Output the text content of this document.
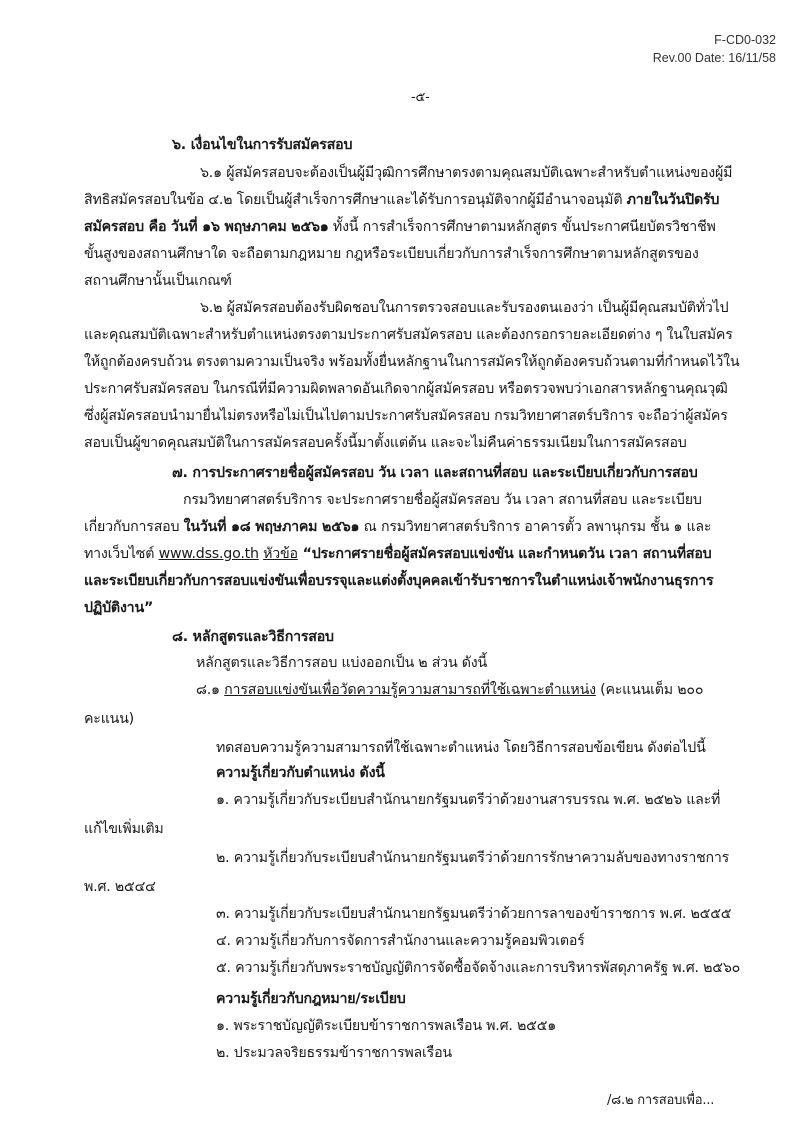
F-CD0-032
Rev.00 Date: 16/11/58
-๕-
๖. เงื่อนไขในการรับสมัครสอบ
๖.๑ ผู้สมัครสอบจะต้องเป็นผู้มีวุฒิการศึกษาตรงตามคุณสมบัติเฉพาะสำหรับตำแหน่งของผู้มี
สิทธิสมัครสอบในข้อ ๔.๒ โดยเป็นผู้สำเร็จการศึกษาและได้รับการอนุมัติจากผู้มีอำนาจอนุมัติ ภายในวันปิดรับ
สมัครสอบ คือ วันที่ ๑๖ พฤษภาคม ๒๕๖๑ ทั้งนี้ การสำเร็จการศึกษาตามหลักสูตร ขั้นประกาศนียบัตรวิชาชีพ
ขั้นสูงของสถานศึกษาใด จะถือตามกฎหมาย กฎหรือระเบียบเกี่ยวกับการสำเร็จการศึกษาตามหลักสูตรของ
สถานศึกษานั้นเป็นเกณฑ์
๖.๒ ผู้สมัครสอบต้องรับผิดชอบในการตรวจสอบและรับรองตนเองว่า เป็นผู้มีคุณสมบัติทั่วไป
และคุณสมบัติเฉพาะสำหรับตำแหน่งตรงตามประกาศรับสมัครสอบ และต้องกรอกรายละเอียดต่าง ๆ ในใบสมัคร
ให้ถูกต้องครบถ้วน ตรงตามความเป็นจริง พร้อมทั้งยื่นหลักฐานในการสมัครให้ถูกต้องครบถ้วนตามที่กำหนดไว้ใน
ประกาศรับสมัครสอบ ในกรณีที่มีความผิดพลาดอันเกิดจากผู้สมัครสอบ หรือตรวจพบว่าเอกสารหลักฐานคุณวุฒิ
ซึ่งผู้สมัครสอบนำมายื่นไม่ตรงหรือไม่เป็นไปตามประกาศรับสมัครสอบ กรมวิทยาศาสตร์บริการ จะถือว่าผู้สมัคร
สอบเป็นผู้ขาดคุณสมบัติในการสมัครสอบครั้งนี้มาตั้งแต่ต้น และจะไม่คืนค่าธรรมเนียมในการสมัครสอบ
๗. การประกาศรายชื่อผู้สมัครสอบ วัน เวลา และสถานที่สอบ และระเบียบเกี่ยวกับการสอบ
กรมวิทยาศาสตร์บริการ จะประกาศรายชื่อผู้สมัครสอบ วัน เวลา สถานที่สอบ และระเบียบ
เกี่ยวกับการสอบ ในวันที่ ๑๘ พฤษภาคม ๒๕๖๑ ณ กรมวิทยาศาสตร์บริการ อาคารตั้ว ลพานุกรม ชั้น ๑ และ
ทางเว็บไซต์ www.dss.go.th หัวข้อ “ประกาศรายชื่อผู้สมัครสอบแข่งขัน และกำหนดวัน เวลา สถานที่สอบ
และระเบียบเกี่ยวกับการสอบแข่งขันเพื่อบรรจุและแต่งตั้งบุคคลเข้ารับราชการในตำแหน่งเจ้าพนักงานธุรการ
ปฏิบัติงาน”
๘. หลักสูตรและวิธีการสอบ
หลักสูตรและวิธีการสอบ แบ่งออกเป็น ๒ ส่วน ดังนี้
๘.๑ การสอบแข่งขันเพื่อวัดความรู้ความสามารถที่ใช้เฉพาะตำแหน่ง (คะแนนเต็ม ๒๐๐
คะแนน)
ทดสอบความรู้ความสามารถที่ใช้เฉพาะตำแหน่ง โดยวิธีการสอบข้อเขียน ดังต่อไปนี้
ความรู้เกี่ยวกับตำแหน่ง ดังนี้
๑. ความรู้เกี่ยวกับระเบียบสำนักนายกรัฐมนตรีว่าด้วยงานสารบรรณ พ.ศ. ๒๕๒๖ และที่
แก้ไขเพิ่มเติม
๒. ความรู้เกี่ยวกับระเบียบสำนักนายกรัฐมนตรีว่าด้วยการรักษาความลับของทางราชการ
พ.ศ. ๒๕๔๔
๓. ความรู้เกี่ยวกับระเบียบสำนักนายกรัฐมนตรีว่าด้วยการลาของข้าราชการ พ.ศ. ๒๕๕๕
๔. ความรู้เกี่ยวกับการจัดการสำนักงานและความรู้คอมพิวเตอร์
๕. ความรู้เกี่ยวกับพระราชบัญญัติการจัดซื้อจัดจ้างและการบริหารพัสดุภาครัฐ พ.ศ. ๒๕๖๐
ความรู้เกี่ยวกับกฎหมาย/ระเบียบ
๑. พระราชบัญญัติระเบียบข้าราชการพลเรือน พ.ศ. ๒๕๕๑
๒. ประมวลจริยธรรมข้าราชการพลเรือน
/๘.๒ การสอบเพื่อ...
